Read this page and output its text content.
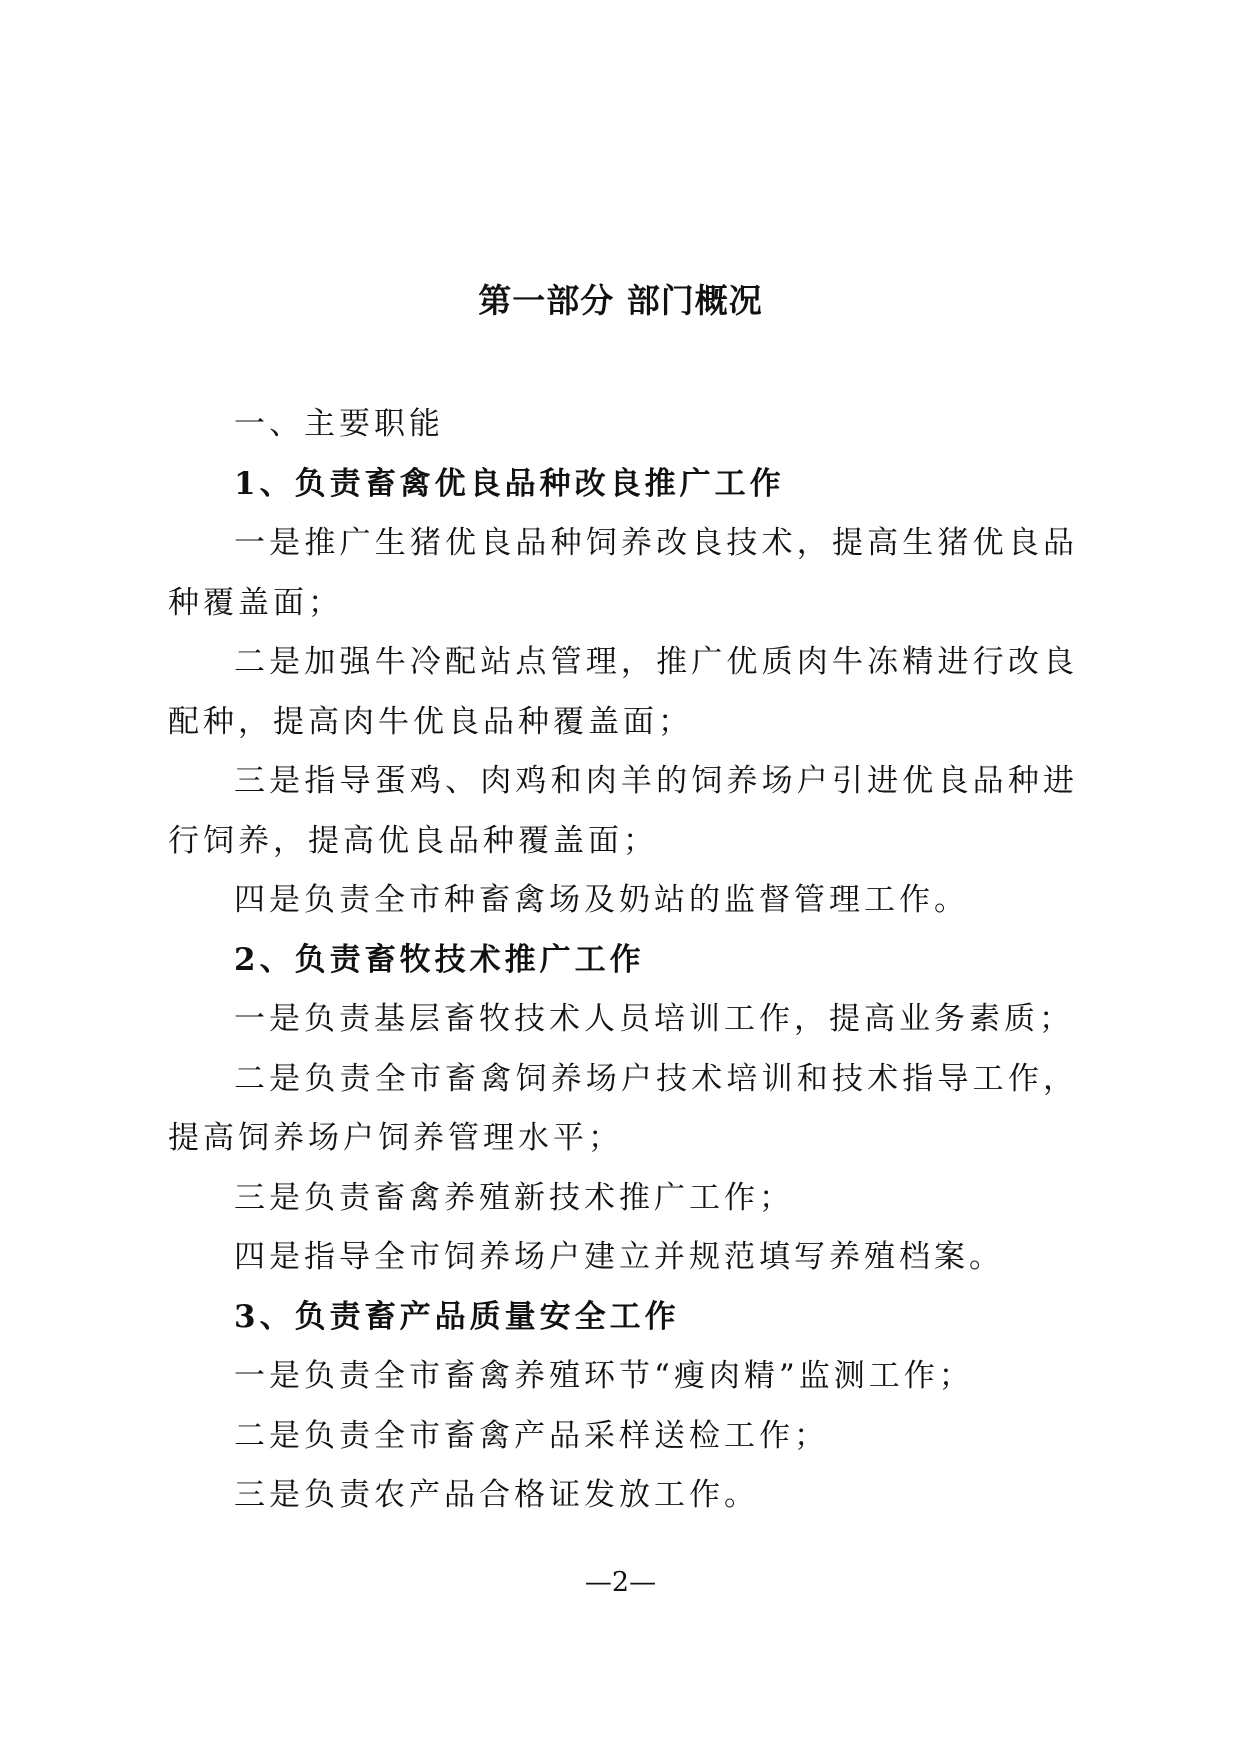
第一部分 部门概况

一、主要职能

1、负责畜禽优良品种改良推广工作

一是推广生猪优良品种饲养改良技术，提高生猪优良品种覆盖面；

二是加强牛冷配站点管理，推广优质肉牛冻精进行改良配种，提高肉牛优良品种覆盖面；

三是指导蛋鸡、肉鸡和肉羊的饲养场户引进优良品种进行饲养，提高优良品种覆盖面；

四是负责全市种畜禽场及奶站的监督管理工作。

2、负责畜牧技术推广工作

一是负责基层畜牧技术人员培训工作，提高业务素质；

二是负责全市畜禽饲养场户技术培训和技术指导工作，提高饲养场户饲养管理水平；

三是负责畜禽养殖新技术推广工作；

四是指导全市饲养场户建立并规范填写养殖档案。

3、负责畜产品质量安全工作

一是负责全市畜禽养殖环节“瘦肉精”监测工作；

二是负责全市畜禽产品采样送检工作；

三是负责农产品合格证发放工作。

—2—
